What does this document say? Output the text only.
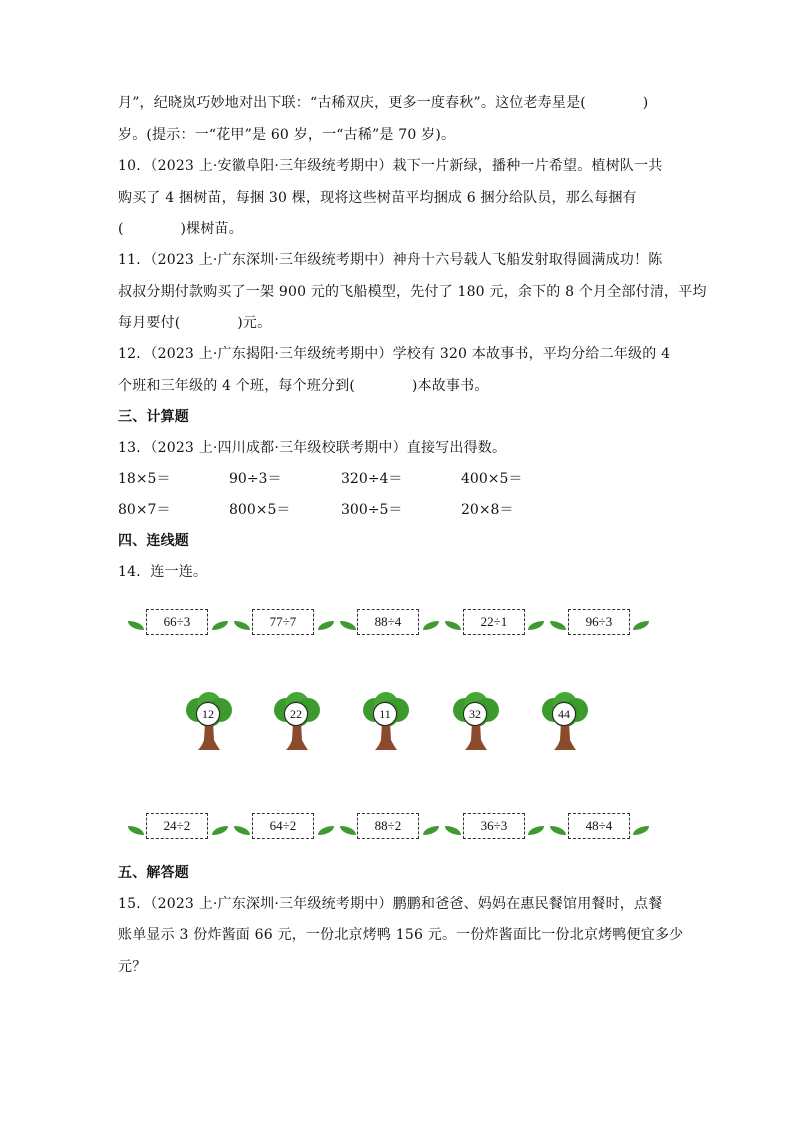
月”，纪晓岚巧妙地对出下联：“古稀双庆，更多一度春秋”。这位老寿星是(　　　　)
岁。(提示：一“花甲”是 60 岁，一“古稀”是 70 岁)。
10．（2023 上·安徽阜阳·三年级统考期中）栽下一片新绿，播种一片希望。植树队一共
购买了 4 捆树苗，每捆 30 棵，现将这些树苗平均捆成 6 捆分给队员，那么每捆有
(　　　　)棵树苗。
11．（2023 上·广东深圳·三年级统考期中）神舟十六号载人飞船发射取得圆满成功！陈
叔叔分期付款购买了一架 900 元的飞船模型，先付了 180 元，余下的 8 个月全部付清，平均
每月要付(　　　　)元。
12．（2023 上·广东揭阳·三年级统考期中）学校有 320 本故事书，平均分给二年级的 4
个班和三年级的 4 个班，每个班分到(　　　　)本故事书。
三、计算题
13．（2023 上·四川成都·三年级校联考期中）直接写出得数。
18×5＝	90÷3＝	320÷4＝	400×5＝
80×7＝	800×5＝	300÷5＝	20×8＝
四、连线题
14．连一连。
66÷3	77÷7	88÷4	22÷1	96÷3
12	22	11	32	44
24÷2	64÷2	88÷2	36÷3	48÷4
五、解答题
15．（2023 上·广东深圳·三年级统考期中）鹏鹏和爸爸、妈妈在惠民餐馆用餐时，点餐
账单显示 3 份炸酱面 66 元，一份北京烤鸭 156 元。一份炸酱面比一份北京烤鸭便宜多少
元？
